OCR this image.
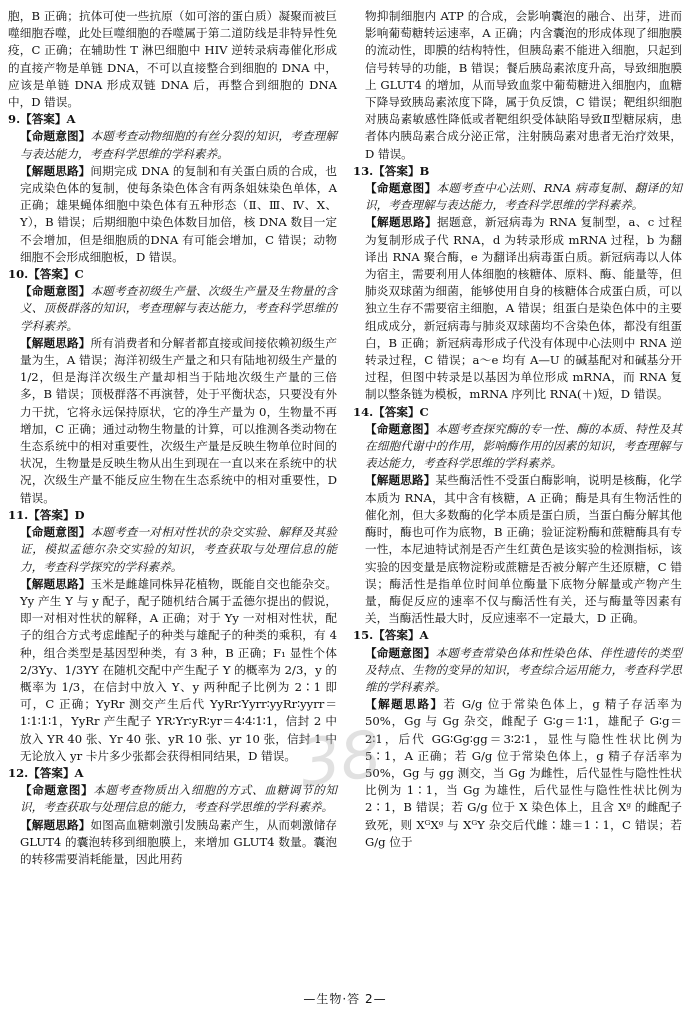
胞，B 正确；抗体可使一些抗原（如可溶的蛋白质）凝聚而被巨噬细胞吞噬，此处巨噬细胞的吞噬属于第二道防线是非特异性免疫，C 正确；在辅助性 T 淋巴细胞中 HIV 逆转录病毒催化形成的直接产物是单链 DNA，不可以直接整合到细胞的 DNA 中，应该是单链 DNA 形成双链 DNA 后，再整合到细胞的 DNA 中，D 错误。

9.【答案】A

【命题意图】本题考查动物细胞的有丝分裂的知识，考查理解与表达能力，考查科学思维的学科素养。

【解题思路】间期完成 DNA 的复制和有关蛋白质的合成，也完成染色体的复制，使每条染色体含有两条姐妹染色单体，A 正确；雄果蝇体细胞中染色体有五种形态（Ⅱ、Ⅲ、Ⅳ、X、Y），B 错误；后期细胞中染色体数目加倍，核 DNA 数目一定不会增加，但是细胞质的DNA 有可能会增加，C 错误；动物细胞不会形成细胞板，D 错误。

10.【答案】C

【命题意图】本题考查初级生产量、次级生产量及生物量的含义、顶极群落的知识，考查理解与表达能力，考查科学思维的学科素养。

【解题思路】所有消费者和分解者都直接或间接依赖初级生产量为生，A 错误；海洋初级生产量之和只有陆地初级生产量的 1/2，但是海洋次级生产量却相当于陆地次级生产量的三倍多，B 错误；顶极群落不再演替，处于平衡状态，只要没有外力干扰，它将永远保持原状，它的净生产量为 0，生物量不再增加，C 正确；通过动物生物量的计算，可以推测各类动物在生态系统中的相对重要性，次级生产量是反映生物单位时间的状况，生物量是反映生物从出生到现在一直以来在系统中的状况，次级生产量不能反应生物在生态系统中的相对重要性，D 错误。

11.【答案】D

【命题意图】本题考查一对相对性状的杂交实验、解释及其验证，模拟孟德尔杂交实验的知识，考查获取与处理信息的能力，考查科学探究的学科素养。

【解题思路】玉米是雌雄同株异花植物，既能自交也能杂交。Yy 产生 Y 与 y 配子，配子随机结合属于孟德尔提出的假说，即一对相对性状的解释，A 正确；对于 Yy 一对相对性状，配子的组合方式考虑雌配子的种类与雄配子的种类的乘积，有 4 种，组合类型是基因型种类，有 3 种，B 正确；F₁ 显性个体 2/3Yy、1/3YY 在随机交配中产生配子 Y 的概率为 2/3，y 的概率为 1/3，在信封中放入 Y、y 两种配子比例为 2∶1 即可，C 正确；YyRr 测交产生后代 YyRr∶Yyrr∶yyRr∶yyrr＝1∶1∶1∶1，YyRr 产生配子 YR∶Yr∶yR∶yr＝4∶4∶1∶1，信封 2 中放入 YR 40 张、Yr 40 张、yR 10 张、yr 10 张，信封 1 中无论放入 yr 卡片多少张都会获得相同结果，D 错误。

12.【答案】A

【命题意图】本题考查物质出入细胞的方式、血糖调节的知识，考查获取与处理信息的能力，考查科学思维的学科素养。

【解题思路】如图高血糖刺激引发胰岛素产生，从而刺激储存 GLUT4 的囊泡转移到细胞膜上，来增加 GLUT4 数量。囊泡的转移需要消耗能量，因此用药

物抑制细胞内 ATP 的合成，会影响囊泡的融合、出芽，进而影响葡萄糖转运速率，A 正确；内含囊泡的形成体现了细胞膜的流动性，即膜的结构特性，但胰岛素不能进入细胞，只起到信号转导的功能，B 错误；餐后胰岛素浓度升高，导致细胞膜上 GLUT4 的增加，从而导致血浆中葡萄糖进入细胞内，血糖下降导致胰岛素浓度下降，属于负反馈，C 错误；靶组织细胞对胰岛素敏感性降低或者靶组织受体缺陷导致Ⅱ型糖尿病，患者体内胰岛素合成分泌正常，注射胰岛素对患者无治疗效果，D 错误。

13.【答案】B

【命题意图】本题考查中心法则、RNA 病毒复制、翻译的知识，考查理解与表达能力，考查科学思维的学科素养。

【解题思路】据题意，新冠病毒为 RNA 复制型，a、c 过程为复制形成子代 RNA，d 为转录形成 mRNA 过程，b 为翻译出 RNA 聚合酶，e 为翻译出病毒蛋白质。新冠病毒以人体为宿主，需要利用人体细胞的核糖体、原料、酶、能量等，但肺炎双球菌为细菌，能够使用自身的核糖体合成蛋白质，可以独立生存不需要宿主细胞，A 错误；组蛋白是染色体中的主要组成成分，新冠病毒与肺炎双球菌均不含染色体，都没有组蛋白，B 正确；新冠病毒形成子代没有体现中心法则中 RNA 逆转录过程，C 错误；a～e 均有 A—U 的碱基配对和碱基分开过程，但图中转录是以基因为单位形成 mRNA，而 RNA 复制以整条链为模板，mRNA 序列比 RNA(＋)短，D 错误。

14.【答案】C

【命题意图】本题考查探究酶的专一性、酶的本质、特性及其在细胞代谢中的作用，影响酶作用的因素的知识，考查理解与表达能力，考查科学思维的学科素养。

【解题思路】某些酶活性不受蛋白酶影响，说明是核酶，化学本质为 RNA，其中含有核糖，A 正确；酶是具有生物活性的催化剂，但大多数酶的化学本质是蛋白质，当蛋白酶分解其他酶时，酶也可作为底物，B 正确；验证淀粉酶和蔗糖酶具有专一性，本尼迪特试剂是否产生红黄色是该实验的检测指标，该实验的因变量是底物淀粉或蔗糖是否被分解产生还原糖，C 错误；酶活性是指单位时间单位酶量下底物分解量或产物产生量，酶促反应的速率不仅与酶活性有关，还与酶量等因素有关，当酶活性最大时，反应速率不一定最大，D 正确。

15.【答案】A

【命题意图】本题考查常染色体和性染色体、伴性遗传的类型及特点、生物的变异的知识，考查综合运用能力，考查科学思维的学科素养。

【解题思路】若 G/g 位于常染色体上，g 精子存活率为 50%，Gg 与 Gg 杂交，雌配子 G∶g＝1∶1，雄配子 G∶g＝2∶1，后代 GG∶Gg∶gg＝3∶2∶1，显性与隐性性状比例为 5∶1，A 正确；若 G/g 位于常染色体上，g 精子存活率为 50%，Gg 与 gg 测交，当 Gg 为雌性，后代显性与隐性性状比例为 1∶1，当 Gg 为雄性，后代显性与隐性性状比例为 2∶1，B 错误；若 G/g 位于 X 染色体上，且含 Xᵍ 的雌配子致死，则 XᴳXᵍ 与 XᴳY 杂交后代雌∶雄＝1∶1，C 错误；若 G/g 位于

38
—生物·答 2—
